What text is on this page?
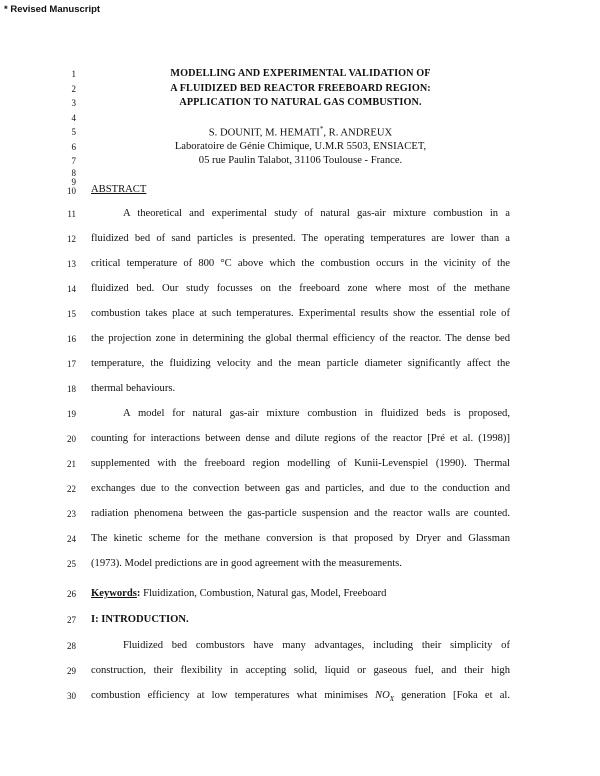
* Revised Manuscript
1
2
3
4
5
6
7
8
9
10
11
12
13
14
15
16
17
18
19
20
21
22
23
24
25
26
27
28
29
30
MODELLING AND EXPERIMENTAL VALIDATION OF
A FLUIDIZED BED REACTOR FREEBOARD REGION:
APPLICATION TO NATURAL GAS COMBUSTION.
S. DOUNIT, M. HEMATI*, R. ANDREUX
Laboratoire de Génie Chimique, U.M.R 5503, ENSIACET,
05 rue Paulin Talabot, 31106 Toulouse - France.
ABSTRACT
A theoretical and experimental study of natural gas-air mixture combustion in a
fluidized bed of sand particles is presented. The operating temperatures are lower than a
critical temperature of 800 °C above which the combustion occurs in the vicinity of the
fluidized bed. Our study focusses on the freeboard zone where most of the methane
combustion takes place at such temperatures. Experimental results show the essential role of
the projection zone in determining the global thermal efficiency of the reactor. The dense bed
temperature, the fluidizing velocity and the mean particle diameter significantly affect the
thermal behaviours.
A model for natural gas-air mixture combustion in fluidized beds is proposed,
counting for interactions between dense and dilute regions of the reactor [Pré et al. (1998)]
supplemented with the freeboard region modelling of Kunii-Levenspiel (1990). Thermal
exchanges due to the convection between gas and particles, and due to the conduction and
radiation phenomena between the gas-particle suspension and the reactor walls are counted.
The kinetic scheme for the methane conversion is that proposed by Dryer and Glassman
(1973). Model predictions are in good agreement with the measurements.
Keywords: Fluidization, Combustion, Natural gas, Model, Freeboard
I: INTRODUCTION.
Fluidized bed combustors have many advantages, including their simplicity of
construction, their flexibility in accepting solid, liquid or gaseous fuel, and their high
combustion efficiency at low temperatures what minimises $NO_X$ generation [Foka et al.
